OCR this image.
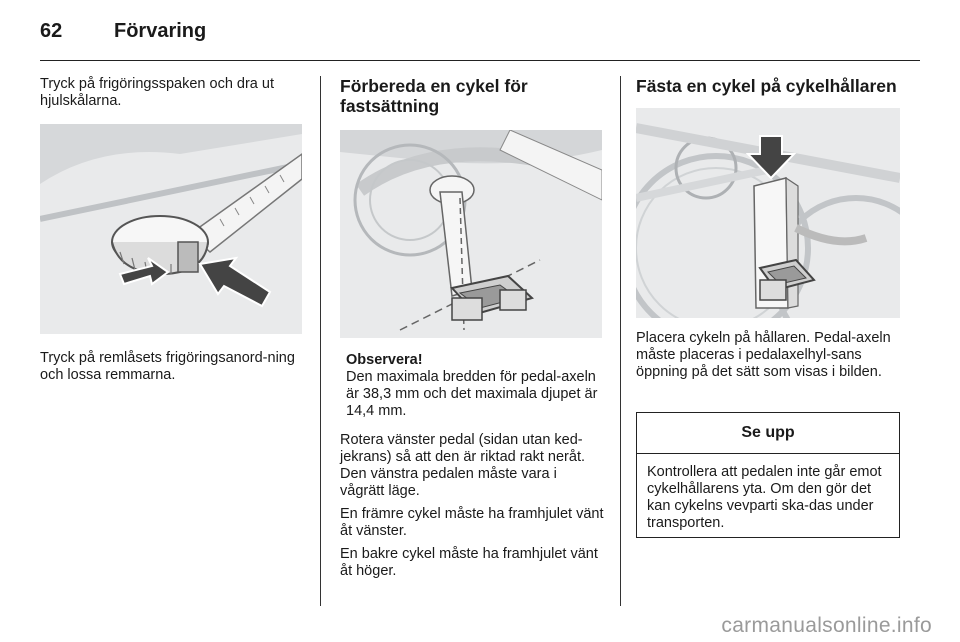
62	Förvaring

Tryck på frigöringsspaken och dra ut hjulskålarna.

Tryck på remlåsets frigöringsanord-ning och lossa remmarna.

Förbereda en cykel för fastsättning

Observera!

Den maximala bredden för pedal-axeln är 38,3 mm och det maximala djupet är 14,4 mm.

Rotera vänster pedal (sidan utan ked-jekrans) så att den är riktad rakt neråt. Den vänstra pedalen måste vara i vågrätt läge.

En främre cykel måste ha framhjulet vänt åt vänster.

En bakre cykel måste ha framhjulet vänt åt höger.

Fästa en cykel på cykelhållaren

Placera cykeln på hållaren. Pedal-axeln måste placeras i pedalaxelhyl-sans öppning på det sätt som visas i bilden.

Se upp

Kontrollera att pedalen inte går emot cykelhållarens yta. Om den gör det kan cykelns vevparti ska-das under transporten.

carmanualsonline.info
